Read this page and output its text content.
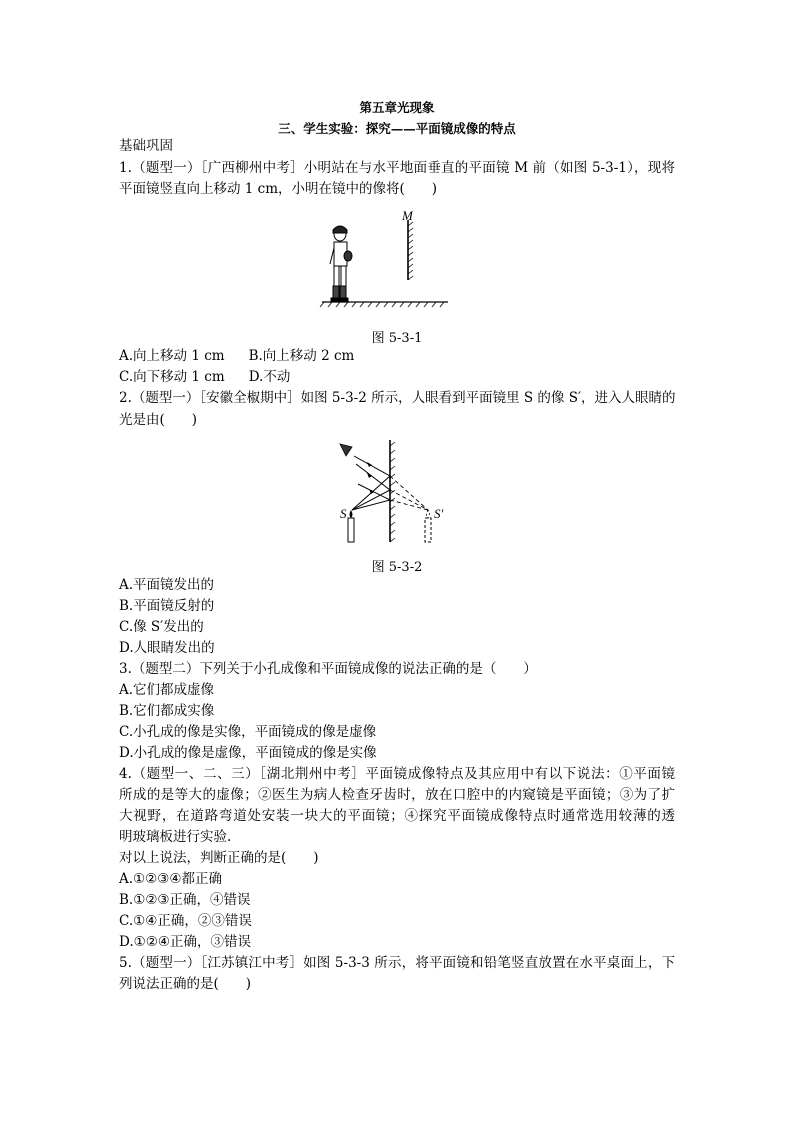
第五章光现象
三、学生实验：探究——平面镜成像的特点
基础巩固
1.（题型一）［广西柳州中考］小明站在与水平地面垂直的平面镜 M 前（如图 5-3-1），现将
平面镜竖直向上移动 1 cm，小明在镜中的像将(　　)
M
图 5-3-1
A.向上移动 1 cm B.向上移动 2 cm
C.向下移动 1 cm D.不动
2.（题型一）［安徽全椒期中］如图 5-3-2 所示，人眼看到平面镜里 S 的像 S′，进入人眼睛的
光是由(　　)
S	S′
图 5-3-2
A.平面镜发出的
B.平面镜反射的
C.像 S′发出的
D.人眼睛发出的
3.（题型二）下列关于小孔成像和平面镜成像的说法正确的是（　　）
A.它们都成虚像
B.它们都成实像
C.小孔成的像是实像，平面镜成的像是虚像
D.小孔成的像是虚像，平面镜成的像是实像
4.（题型一、二、三）［湖北荆州中考］平面镜成像特点及其应用中有以下说法：①平面镜
所成的是等大的虚像；②医生为病人检查牙齿时，放在口腔中的内窥镜是平面镜；③为了扩
大视野，在道路弯道处安装一块大的平面镜；④探究平面镜成像特点时通常选用较薄的透
明玻璃板进行实验.
对以上说法，判断正确的是(　　)
A.①②③④都正确
B.①②③正确，④错误
C.①④正确，②③错误
D.①②④正确，③错误
5.（题型一）［江苏镇江中考］如图 5-3-3 所示，将平面镜和铅笔竖直放置在水平桌面上，下
列说法正确的是(　　)
